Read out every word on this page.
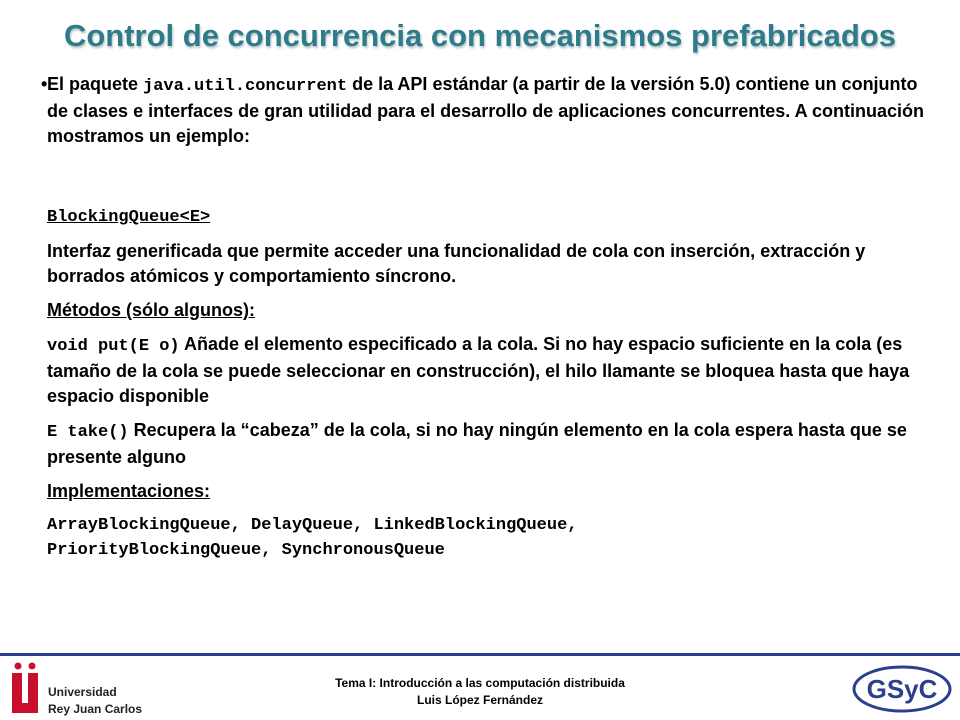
Control de concurrencia con mecanismos prefabricados

• El paquete java.util.concurrent de la API estándar (a partir de la versión 5.0) contiene un conjunto de clases e interfaces de gran utilidad para el desarrollo de aplicaciones concurrentes. A continuación mostramos un ejemplo:

BlockingQueue<E>

Interfaz generificada que permite acceder una funcionalidad de cola con inserción, extracción y borrados atómicos y comportamiento síncrono.

Métodos (sólo algunos):

void put(E o) Añade el elemento especificado a la cola. Si no hay espacio suficiente en la cola (es tamaño de la cola se puede seleccionar en construcción), el hilo llamante se bloquea hasta que haya espacio disponible

E take() Recupera la “cabeza” de la cola, si no hay ningún elemento en la cola espera hasta que se presente alguno

Implementaciones:

ArrayBlockingQueue, DelayQueue, LinkedBlockingQueue,
PriorityBlockingQueue, SynchronousQueue

Universidad
Rey Juan Carlos
Tema I: Introducción a las computación distribuida
Luis López Fernández	GSyC
